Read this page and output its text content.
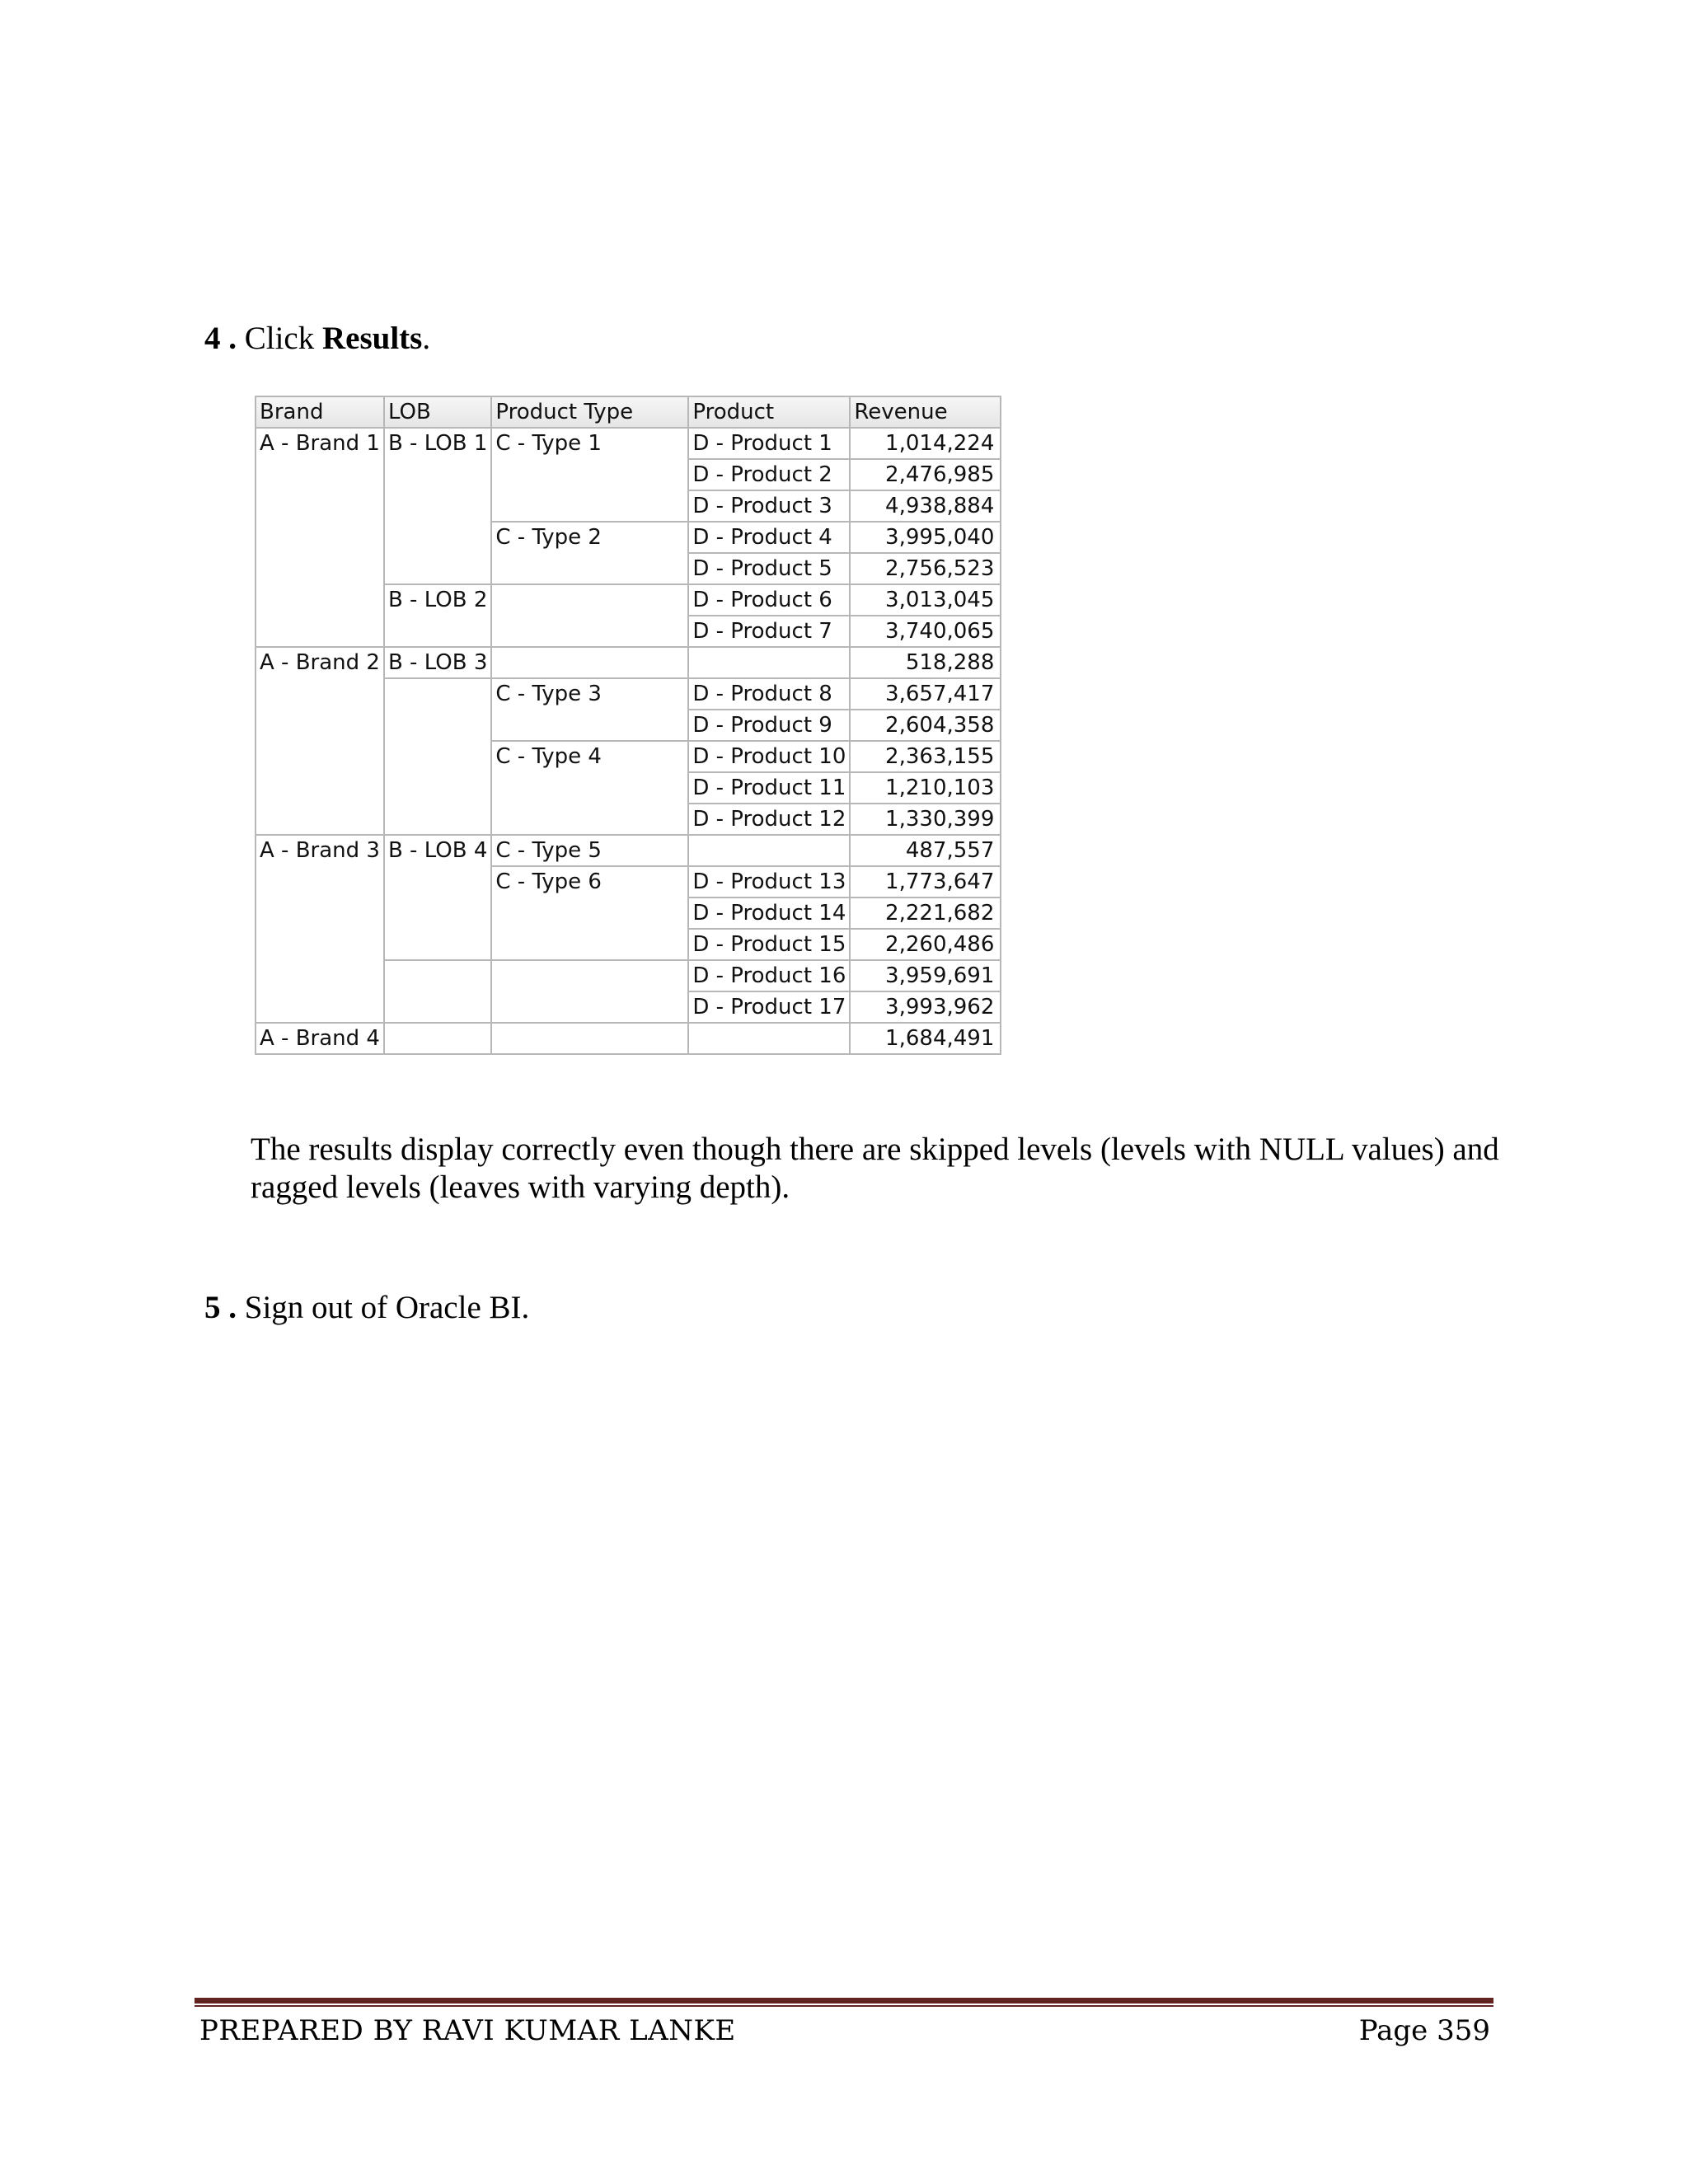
4 . Click Results.
Brand	LOB	Product Type	Product	Revenue
A - Brand 1	B - LOB 1	C - Type 1	D - Product 1	1,014,224
			D - Product 2	2,476,985
			D - Product 3	4,938,884
		C - Type 2	D - Product 4	3,995,040
			D - Product 5	2,756,523
	B - LOB 2		D - Product 6	3,013,045
			D - Product 7	3,740,065
A - Brand 2	B - LOB 3			518,288
		C - Type 3	D - Product 8	3,657,417
			D - Product 9	2,604,358
		C - Type 4	D - Product 10	2,363,155
			D - Product 11	1,210,103
			D - Product 12	1,330,399
A - Brand 3	B - LOB 4	C - Type 5		487,557
		C - Type 6	D - Product 13	1,773,647
			D - Product 14	2,221,682
			D - Product 15	2,260,486
			D - Product 16	3,959,691
			D - Product 17	3,993,962
A - Brand 4				1,684,491

The results display correctly even though there are skipped levels (levels with NULL values) and ragged levels (leaves with varying depth).

5 . Sign out of Oracle BI.
PREPARED BY RAVI KUMAR LANKE	Page 359
